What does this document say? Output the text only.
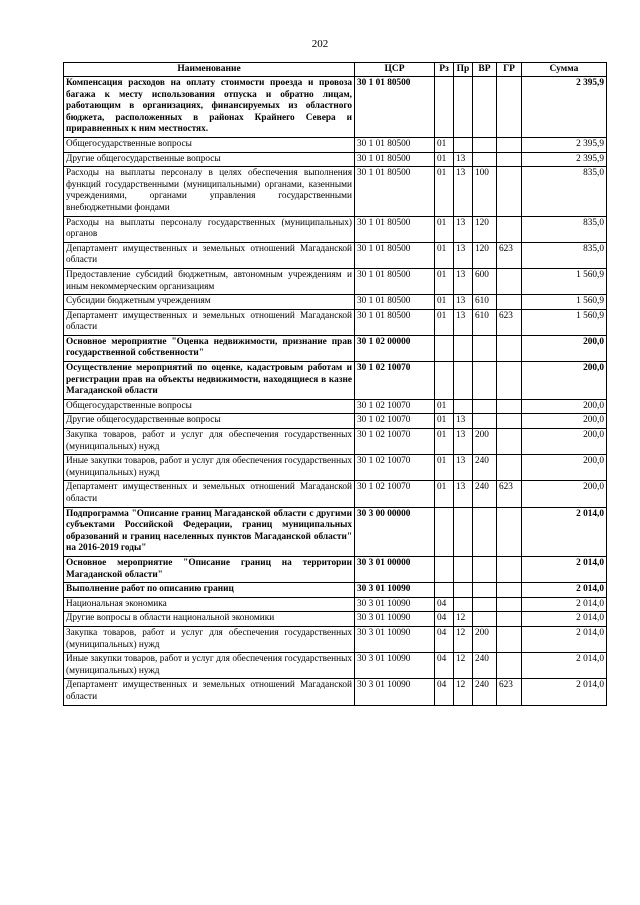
202
Наименование	ЦСР	Рз	Пр	ВР	ГР	Сумма
Компенсация расходов на оплату стоимости проезда и провоза багажа к месту использования отпуска и обратно лицам, работающим в организациях, финансируемых из областного бюджета, расположенных в районах Крайнего Севера и приравненных к ним местностях.	30 1 01 80500					2 395,9
Общегосударственные вопросы	30 1 01 80500	01				2 395,9
Другие общегосударственные вопросы	30 1 01 80500	01	13			2 395,9
Расходы на выплаты персоналу в целях обеспечения выполнения функций государственными (муниципальными) органами, казенными учреждениями, органами управления государственными внебюджетными фондами	30 1 01 80500	01	13	100		835,0
Расходы на выплаты персоналу государственных (муниципальных) органов	30 1 01 80500	01	13	120		835,0
Департамент имущественных и земельных отношений Магаданской области	30 1 01 80500	01	13	120	623	835,0
Предоставление субсидий бюджетным, автономным учреждениям и иным некоммерческим организациям	30 1 01 80500	01	13	600		1 560,9
Субсидии бюджетным учреждениям	30 1 01 80500	01	13	610		1 560,9
Департамент имущественных и земельных отношений Магаданской области	30 1 01 80500	01	13	610	623	1 560,9
Основное мероприятие "Оценка недвижимости, признание прав государственной собственности"	30 1 02 00000					200,0
Осуществление мероприятий по оценке, кадастровым работам и регистрации прав на объекты недвижимости, находящиеся в казне Магаданской области	30 1 02 10070					200,0
Общегосударственные вопросы	30 1 02 10070	01				200,0
Другие общегосударственные вопросы	30 1 02 10070	01	13			200,0
Закупка товаров, работ и услуг для обеспечения государственных (муниципальных) нужд	30 1 02 10070	01	13	200		200,0
Иные закупки товаров, работ и услуг для обеспечения государственных (муниципальных) нужд	30 1 02 10070	01	13	240		200,0
Департамент имущественных и земельных отношений Магаданской области	30 1 02 10070	01	13	240	623	200,0
Подпрограмма "Описание границ Магаданской области с другими субъектами Российской Федерации, границ муниципальных образований и границ населенных пунктов Магаданской области" на 2016-2019 годы"	30 3 00 00000					2 014,0
Основное мероприятие "Описание границ на территории Магаданской области"	30 3 01 00000					2 014,0
Выполнение работ по описанию границ	30 3 01 10090					2 014,0
Национальная экономика	30 3 01 10090	04				2 014,0
Другие вопросы в области национальной экономики	30 3 01 10090	04	12			2 014,0
Закупка товаров, работ и услуг для обеспечения государственных (муниципальных) нужд	30 3 01 10090	04	12	200		2 014,0
Иные закупки товаров, работ и услуг для обеспечения государственных (муниципальных) нужд	30 3 01 10090	04	12	240		2 014,0
Департамент имущественных и земельных отношений Магаданской области	30 3 01 10090	04	12	240	623	2 014,0
